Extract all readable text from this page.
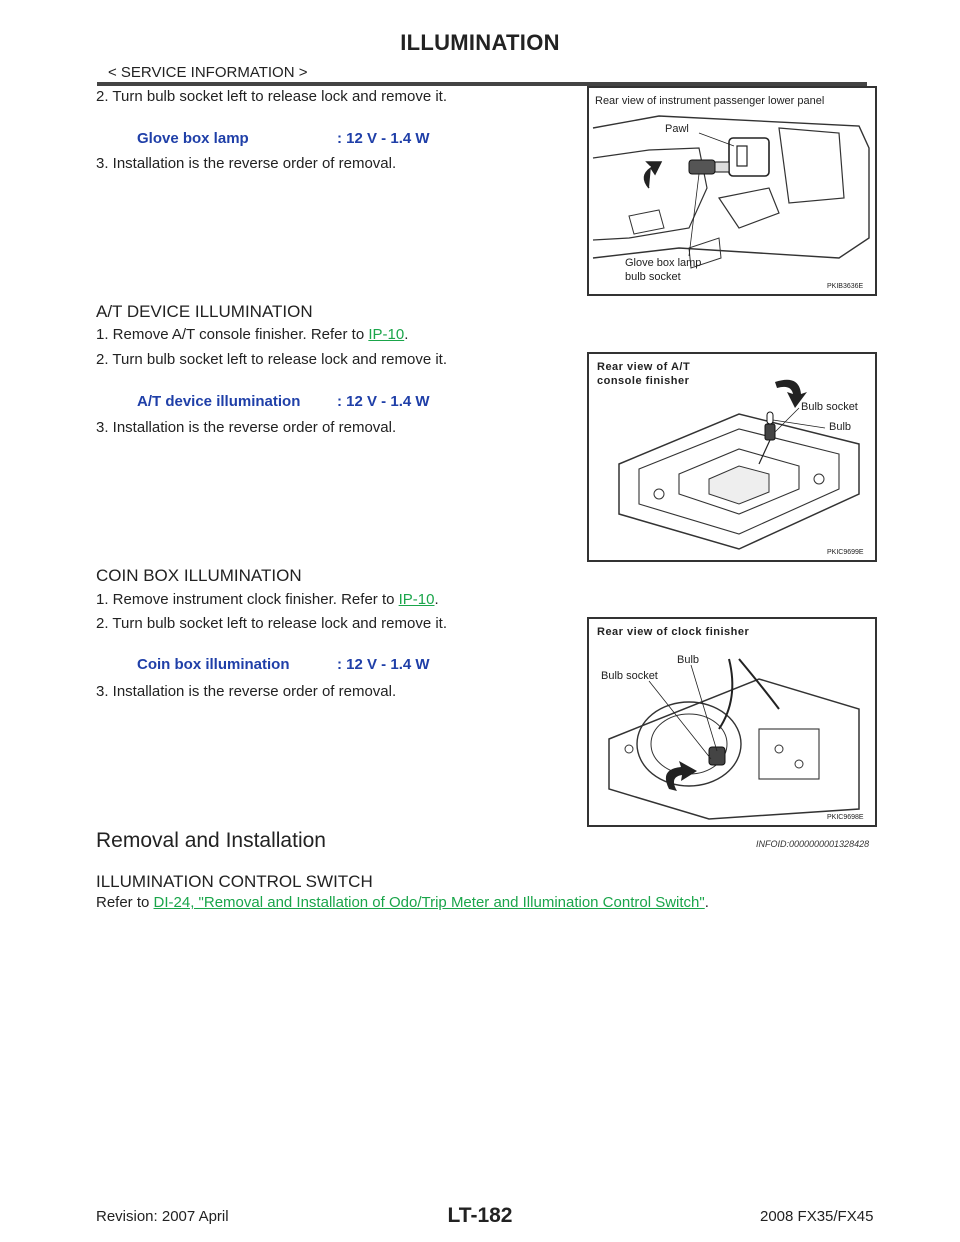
ILLUMINATION
< SERVICE INFORMATION >
2. Turn bulb socket left to release lock and remove it.
Glove box lamp	: 12 V - 1.4 W
3. Installation is the reverse order of removal.
Rear view of instrument passenger lower panel
Pawl
Glove box lamp
bulb socket
PKIB3636E
A/T DEVICE ILLUMINATION
1. Remove A/T console finisher. Refer to IP-10.
2. Turn bulb socket left to release lock and remove it.
A/T device illumination : 12 V - 1.4 W
3. Installation is the reverse order of removal.
Rear view of A/T
console finisher
Bulb socket
Bulb
PKIC9699E
COIN BOX ILLUMINATION
1. Remove instrument clock finisher. Refer to IP-10.
2. Turn bulb socket left to release lock and remove it.
Coin box illumination	: 12 V - 1.4 W
3. Installation is the reverse order of removal.
Rear view of clock finisher
Bulb
Bulb socket
PKIC9698E
Removal and Installation	INFOID:0000000001328428
ILLUMINATION CONTROL SWITCH
Refer to DI-24, "Removal and Installation of Odo/Trip Meter and Illumination Control Switch".
Revision: 2007 April	LT-182	2008 FX35/FX45
